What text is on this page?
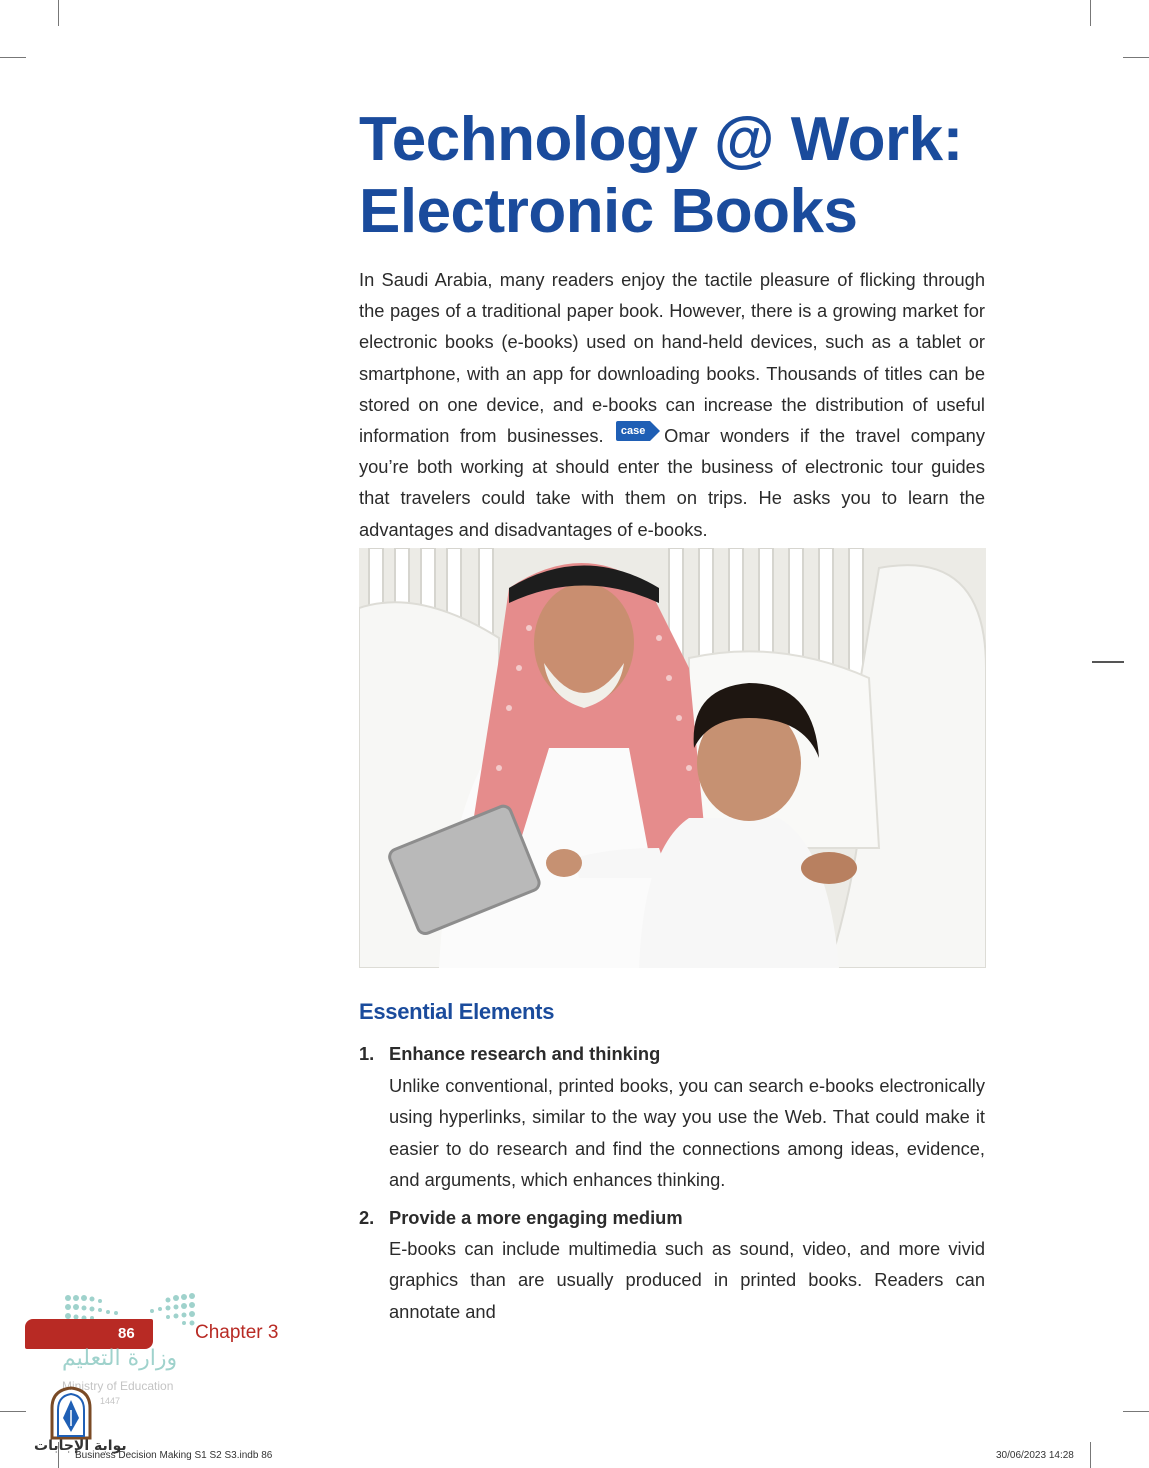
Technology @ Work:
Electronic Books

In Saudi Arabia, many readers enjoy the tactile pleasure of flicking through the pages of a traditional paper book. However, there is a growing market for electronic books (e-books) used on hand-held devices, such as a tablet or smartphone, with an app for downloading books. Thousands of titles can be stored on one device, and e-books can increase the distribution of useful information from businesses.	case Omar wonders if the travel company you’re both working at should enter the business of electronic tour guides that travelers could take with them on trips. He asks you to learn the advantages and disadvantages of e-books.

Essential Elements

1. Enhance research and thinking

Unlike conventional, printed books, you can search e-books electronically using hyperlinks, similar to the way you use the Web. That could make it easier to do research and find the connections among ideas, evidence, and arguments, which enhances thinking.

2. Provide a more engaging medium

E-books can include multimedia such as sound, video, and more vivid graphics than are usually produced in printed books. Readers can annotate and

86	Chapter 3
وزارة التعليم
Ministry of Education
1447
بوابة الإجابات
Business Decision Making S1 S2 S3.indb 86	30/06/2023 14:28
